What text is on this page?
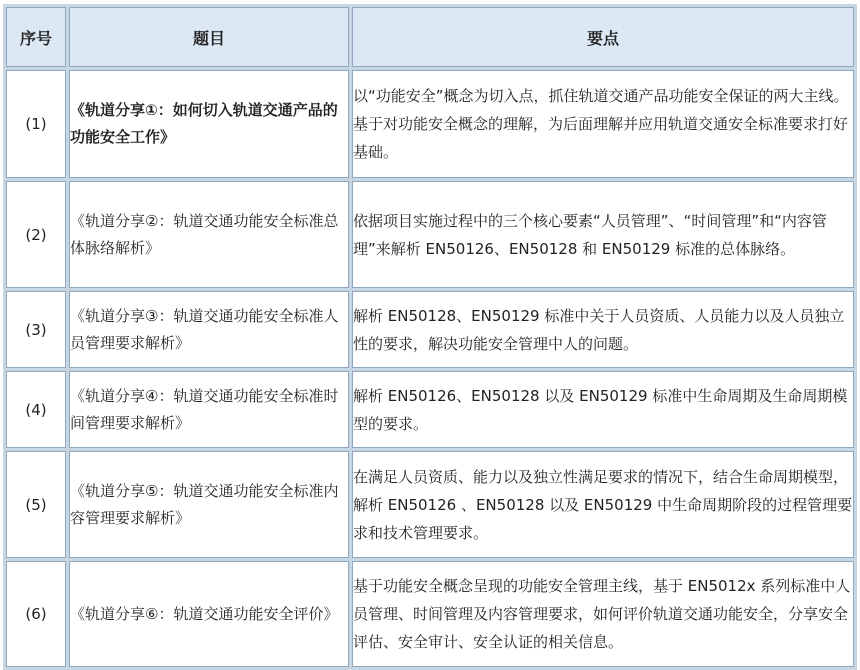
序号	题目	要点
(1)	《轨道分享①：如何切入轨道交通产品的功能安全工作》	以“功能安全”概念为切入点，抓住轨道交通产品功能安全保证的两大主线。基于对功能安全概念的理解，为后面理解并应用轨道交通安全标准要求打好基础。
(2)	《轨道分享②：轨道交通功能安全标准总体脉络解析》	依据项目实施过程中的三个核心要素“人员管理”、“时间管理”和“内容管理”来解析 EN50126、EN50128 和 EN50129 标准的总体脉络。
(3)	《轨道分享③：轨道交通功能安全标准人员管理要求解析》	解析 EN50128、EN50129 标准中关于人员资质、人员能力以及人员独立性的要求，解决功能安全管理中人的问题。
(4)	《轨道分享④：轨道交通功能安全标准时间管理要求解析》	解析 EN50126、EN50128 以及 EN50129 标准中生命周期及生命周期模型的要求。
(5)	《轨道分享⑤：轨道交通功能安全标准内容管理要求解析》	在满足人员资质、能力以及独立性满足要求的情况下，结合生命周期模型，解析 EN50126 、EN50128 以及 EN50129 中生命周期阶段的过程管理要求和技术管理要求。
(6)	《轨道分享⑥：轨道交通功能安全评价》	基于功能安全概念呈现的功能安全管理主线，基于 EN5012x 系列标准中人员管理、时间管理及内容管理要求，如何评价轨道交通功能安全，分享安全评估、安全审计、安全认证的相关信息。
